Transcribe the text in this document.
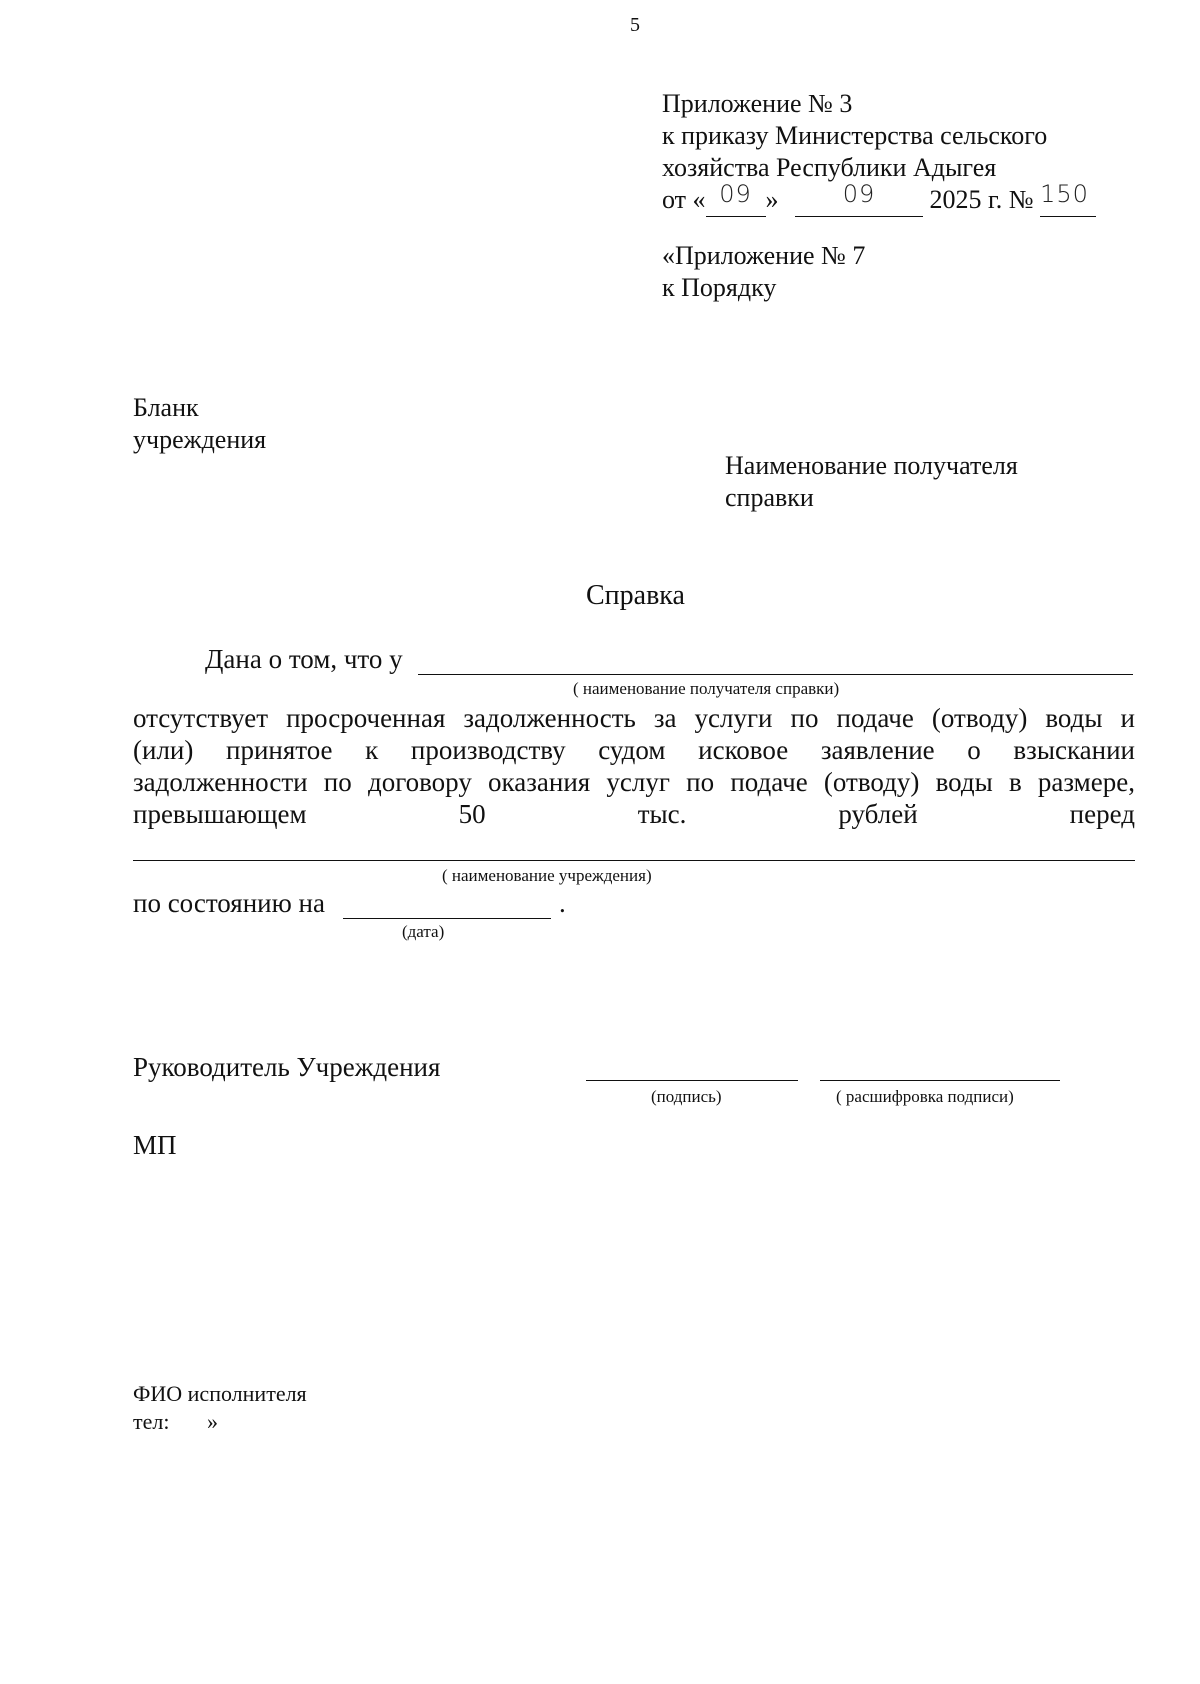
5
Приложение № 3
к приказу Министерства сельского
хозяйства Республики Адыгея
от « 09 »	09 2025 г. № 150
«Приложение № 7
к Порядку
Бланк
учреждения
Наименование получателя
справки
Справка
Дана о том, что у
( наименование получателя справки)
отсутствует просроченная задолженность за услуги по подаче (отводу) воды и
(или) принятое к производству судом исковое заявление о взыскании
задолженности по договору оказания услуг по подаче (отводу) воды в размере,
превышающем 50 тыс. рублей перед
( наименование учреждения)
по состоянию на	.
(дата)
Руководитель Учреждения
(подпись)	( расшифровка подписи)
МП
ФИО исполнителя
тел: »
